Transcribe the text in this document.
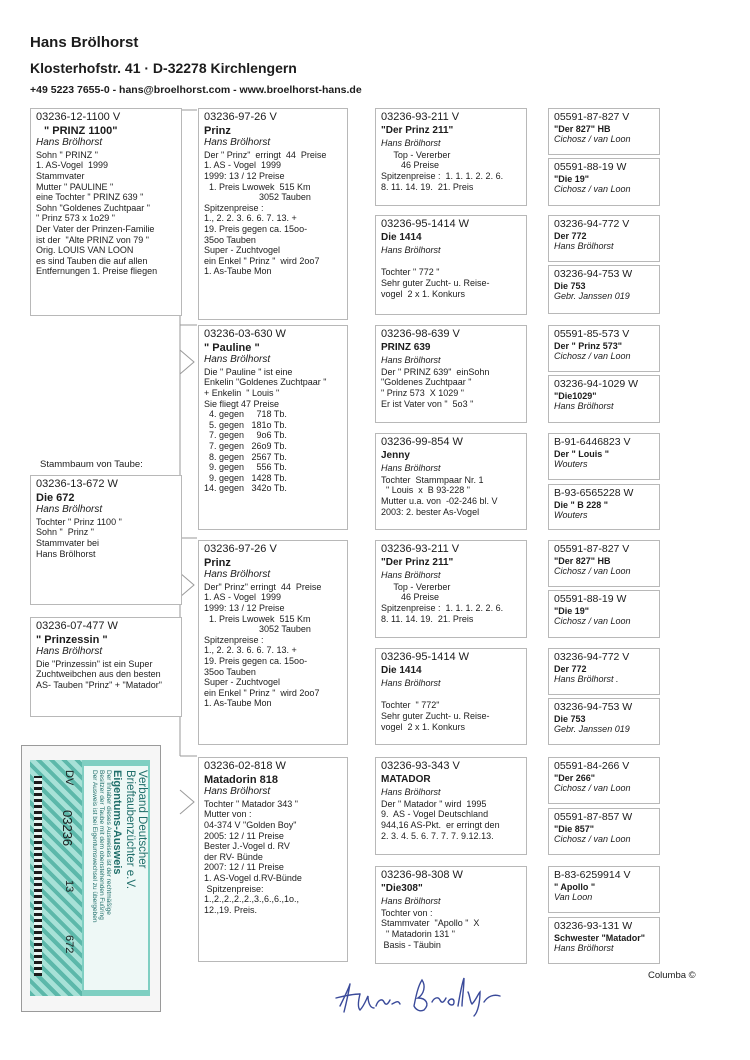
Hans Brölhorst
Klosterhofstr. 41 · D-32278 Kirchlengern
+49 5223 7655-0 - hans@broelhorst.com - www.broelhorst-hans.de
03236-12-1100 V
" PRINZ 1100"
Hans Brölhorst
Sohn " PRINZ "
1. AS-Vogel  1999
Stammvater
Mutter " PAULINE "
eine Tochter " PRINZ 639 "
Sohn "Goldenes Zuchtpaar "
" Prinz 573 x 1o29 "
Der Vater der Prinzen-Familie
ist der  "Alte PRINZ von 79 "
Orig. LOUIS VAN LOON
es sind Tauben die auf allen
Entfernungen 1. Preise fliegen
Stammbaum von Taube:
03236-13-672 W
Die 672
Hans Brölhorst
Tochter " Prinz 1100 "
Sohn "  Prinz "
Stammvater bei
Hans Brölhorst
03236-07-477 W
" Prinzessin "
Hans Brölhorst
Die "Prinzessin" ist ein Super
Zuchtweibchen aus den besten
AS- Tauben "Prinz" + "Matador"
03236-97-26 V
Prinz
Hans Brölhorst
Der " Prinz"  erringt  44  Preise
1. AS - Vogel  1999
1999: 13 / 12 Preise
1. Preis Lwowek  515 Km
3052 Tauben
Spitzenpreise :
1., 2. 2. 3. 6. 6. 7. 13. +
19. Preis gegen ca. 15oo-
35oo Tauben
Super - Zuchtvogel
ein Enkel " Prinz "  wird 2oo7
1. As-Taube Mon
03236-03-630 W
" Pauline "
Hans Brölhorst
Die " Pauline " ist eine
Enkelin "Goldenes Zuchtpaar "
+ Enkelin  " Louis "
Sie fliegt 47 Preise
4. gegen     718 Tb.
5. gegen   181o Tb.
7. gegen     9o6 Tb.
7. gegen   26o9 Tb.
8. gegen   2567 Tb.
9. gegen     556 Tb.
9. gegen   1428 Tb.
14. gegen   342o Tb.
03236-97-26 V
Prinz
Hans Brölhorst
Der" Prinz" erringt  44  Preise
1. AS - Vogel  1999
1999: 13 / 12 Preise
1. Preis Lwowek  515 Km
3052 Tauben
Spitzenpreise :
1., 2. 2. 3. 6. 6. 7. 13. +
19. Preis gegen ca. 15oo-
35oo Tauben
Super - Zuchtvogel
ein Enkel " Prinz "  wird 2oo7
1. As-Taube Mon
03236-02-818 W
Matadorin 818
Hans Brölhorst
Tochter " Matador 343 "
Mutter von :
04-374 V "Golden Boy"
2005: 12 / 11 Preise
Bester J.-Vogel d. RV
der RV- Bünde
2007: 12 / 11 Preise
1. AS-Vogel d.RV-Bünde
Spitzenpreise:
1.,2.,2.,2.,2.,3.,6.,6.,1o.,
12.,19. Preis.
03236-93-211 V
"Der Prinz 211"
Hans Brölhorst
Top - Vererber
46 Preise
Spitzenpreise :  1. 1. 1. 2. 2. 6.
8. 11. 14. 19.  21. Preis
03236-95-1414 W
Die 1414
Hans Brölhorst

Tochter " 772 "
Sehr guter Zucht- u. Reise-
vogel  2 x 1. Konkurs
03236-98-639 V
PRINZ 639
Hans Brölhorst
Der " PRINZ 639"  einSohn
"Goldenes Zuchtpaar "
" Prinz 573  X 1029 "
Er ist Vater von "  5o3 "
03236-99-854 W
Jenny
Hans Brölhorst
Tochter  Stammpaar Nr. 1
" Louis  x  B 93-228 "
Mutter u.a. von  -02-246 bl. V
2003: 2. bester As-Vogel
03236-93-211 V
"Der Prinz 211"
Hans Brölhorst
Top - Vererber
46 Preise
Spitzenpreise :  1. 1. 1. 2. 2. 6.
8. 11. 14. 19.  21. Preis
03236-95-1414 W
Die 1414
Hans Brölhorst

Tochter  " 772"
Sehr guter Zucht- u. Reise-
vogel  2 x 1. Konkurs
03236-93-343 V
MATADOR
Hans Brölhorst
Der " Matador " wird  1995
9.  AS - Vogel Deutschland
944,16 AS-Pkt.  er erringt den
2. 3. 4. 5. 6. 7. 7. 7. 9.12.13.
03236-98-308 W
"Die308"
Hans Brölhorst
Tochter von :
Stammvater  "Apollo "  X
" Matadorin 131 "
Basis - Täubin
05591-87-827 V
"Der 827" HB
Cichosz / van Loon
05591-88-19 W
"Die 19"
Cichosz / van Loon
03236-94-772 V
Der 772
Hans Brölhorst
03236-94-753 W
Die 753
Gebr. Janssen 019
05591-85-573 V
Der " Prinz 573"
Cichosz / van Loon
03236-94-1029 W
"Die1029"
Hans Brölhorst
B-91-6446823 V
Der " Louis "
Wouters
B-93-6565228 W
Die " B 228 "
Wouters
05591-87-827 V
"Der 827" HB
Cichosz / van Loon
05591-88-19 W
"Die 19"
Cichosz / van Loon
03236-94-772 V
Der 772
Hans Brölhorst .
03236-94-753 W
Die 753
Gebr. Janssen 019
05591-84-266 V
"Der 266"
Cichosz / van Loon
05591-87-857 W
"Die 857"
Cichosz / van Loon
B-83-6259914 V
" Apollo "
Van Loon
03236-93-131 W
Schwester "Matador"
Hans Brölhorst
Verband Deutscher
Brieftaubenzüchter e.V.
Eigentums-Ausweis
Der Inhaber dieses Ausweises ist der rechtmäßige
Besitzer der Taube mit dem obenstehenden Fußring
Der Ausweis ist bei Eigentumswechsel zu übergeben
DV
03236
13
672
Columba ©
